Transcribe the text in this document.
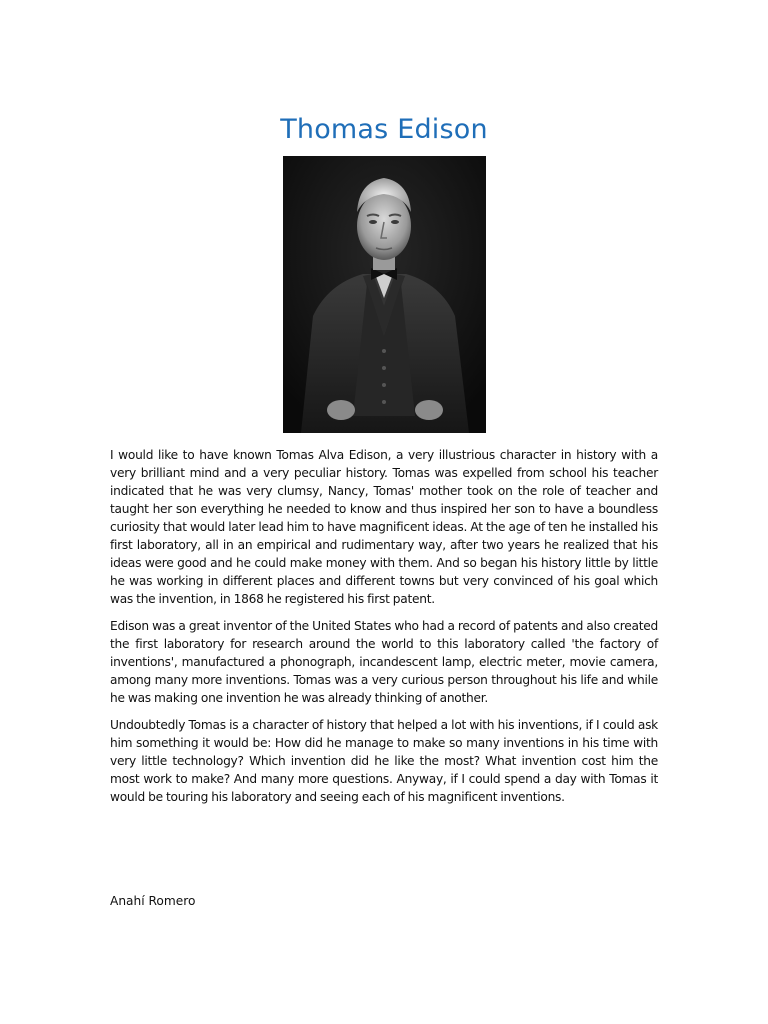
Thomas Edison

I would like to have known Tomas Alva Edison, a very illustrious character in history with a very brilliant mind and a very peculiar history. Tomas was expelled from school his teacher indicated that he was very clumsy, Nancy, Tomas' mother took on the role of teacher and taught her son everything he needed to know and thus inspired her son to have a boundless curiosity that would later lead him to have magnificent ideas. At the age of ten he installed his first laboratory, all in an empirical and rudimentary way, after two years he realized that his ideas were good and he could make money with them. And so began his history little by little he was working in different places and different towns but very convinced of his goal which was the invention, in 1868 he registered his first patent.

Edison was a great inventor of the United States who had a record of patents and also created the first laboratory for research around the world to this laboratory called 'the factory of inventions', manufactured a phonograph, incandescent lamp, electric meter, movie camera, among many more inventions. Tomas was a very curious person throughout his life and while he was making one invention he was already thinking of another.

Undoubtedly Tomas is a character of history that helped a lot with his inventions, if I could ask him something it would be: How did he manage to make so many inventions in his time with very little technology? Which invention did he like the most? What invention cost him the most work to make? And many more questions. Anyway, if I could spend a day with Tomas it would be touring his laboratory and seeing each of his magnificent inventions.

Anahí Romero
